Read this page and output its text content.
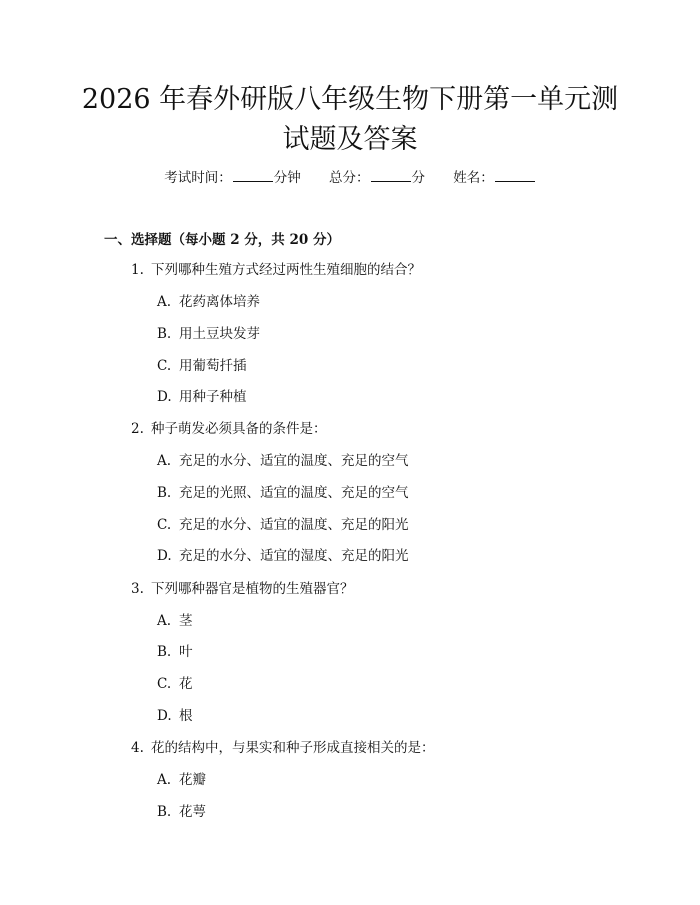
2026 年春外研版八年级生物下册第一单元测
试题及答案
考试时间：	分钟 总分：	分 姓名：
一、选择题（每小题 2 分，共 20 分）
1. 下列哪种生殖方式经过两性生殖细胞的结合？
A. 花药离体培养
B. 用土豆块发芽
C. 用葡萄扦插
D. 用种子种植
2. 种子萌发必须具备的条件是：
A. 充足的水分、适宜的温度、充足的空气
B. 充足的光照、适宜的温度、充足的空气
C. 充足的水分、适宜的温度、充足的阳光
D. 充足的水分、适宜的湿度、充足的阳光
3. 下列哪种器官是植物的生殖器官？
A. 茎
B. 叶
C. 花
D. 根
4. 花的结构中，与果实和种子形成直接相关的是：
A. 花瓣
B. 花萼
